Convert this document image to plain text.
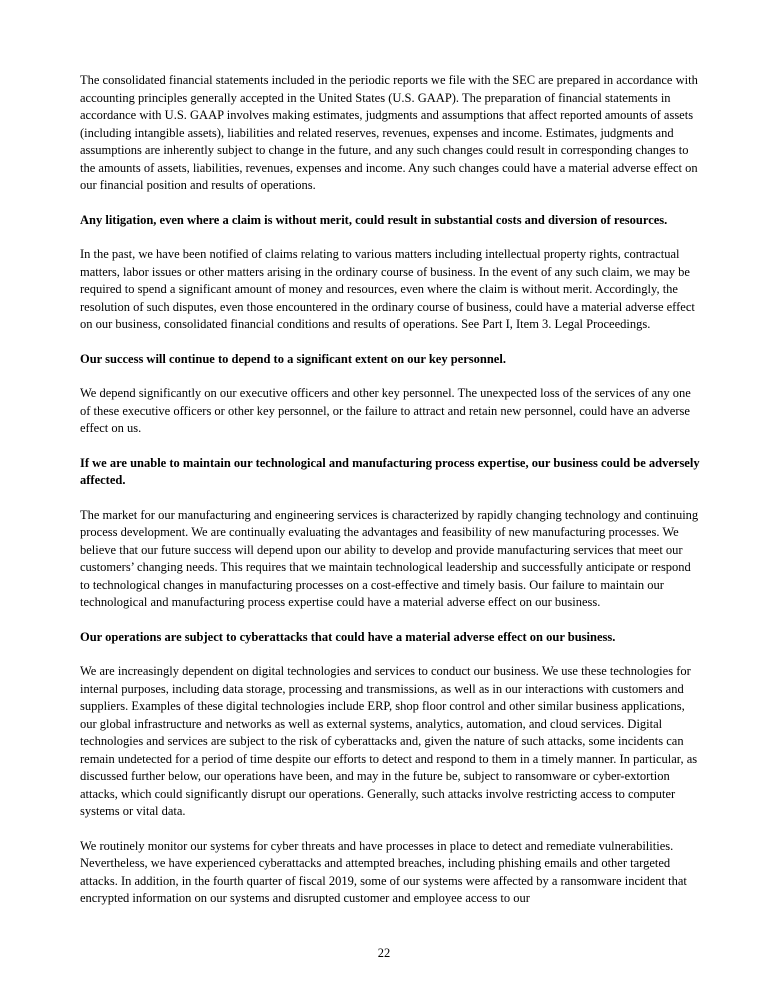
The consolidated financial statements included in the periodic reports we file with the SEC are prepared in accordance with accounting principles generally accepted in the United States (U.S. GAAP). The preparation of financial statements in accordance with U.S. GAAP involves making estimates, judgments and assumptions that affect reported amounts of assets (including intangible assets), liabilities and related reserves, revenues, expenses and income. Estimates, judgments and assumptions are inherently subject to change in the future, and any such changes could result in corresponding changes to the amounts of assets, liabilities, revenues, expenses and income. Any such changes could have a material adverse effect on our financial position and results of operations.

Any litigation, even where a claim is without merit, could result in substantial costs and diversion of resources.

In the past, we have been notified of claims relating to various matters including intellectual property rights, contractual matters, labor issues or other matters arising in the ordinary course of business. In the event of any such claim, we may be required to spend a significant amount of money and resources, even where the claim is without merit. Accordingly, the resolution of such disputes, even those encountered in the ordinary course of business, could have a material adverse effect on our business, consolidated financial conditions and results of operations. See Part I, Item 3. Legal Proceedings.

Our success will continue to depend to a significant extent on our key personnel.

We depend significantly on our executive officers and other key personnel. The unexpected loss of the services of any one of these executive officers or other key personnel, or the failure to attract and retain new personnel, could have an adverse effect on us.

If we are unable to maintain our technological and manufacturing process expertise, our business could be adversely affected.

The market for our manufacturing and engineering services is characterized by rapidly changing technology and continuing process development. We are continually evaluating the advantages and feasibility of new manufacturing processes. We believe that our future success will depend upon our ability to develop and provide manufacturing services that meet our customers’ changing needs. This requires that we maintain technological leadership and successfully anticipate or respond to technological changes in manufacturing processes on a cost-effective and timely basis. Our failure to maintain our technological and manufacturing process expertise could have a material adverse effect on our business.

Our operations are subject to cyberattacks that could have a material adverse effect on our business.

We are increasingly dependent on digital technologies and services to conduct our business. We use these technologies for internal purposes, including data storage, processing and transmissions, as well as in our interactions with customers and suppliers. Examples of these digital technologies include ERP, shop floor control and other similar business applications, our global infrastructure and networks as well as external systems, analytics, automation, and cloud services. Digital technologies and services are subject to the risk of cyberattacks and, given the nature of such attacks, some incidents can remain undetected for a period of time despite our efforts to detect and respond to them in a timely manner. In particular, as discussed further below, our operations have been, and may in the future be, subject to ransomware or cyber-extortion attacks, which could significantly disrupt our operations. Generally, such attacks involve restricting access to computer systems or vital data.

We routinely monitor our systems for cyber threats and have processes in place to detect and remediate vulnerabilities. Nevertheless, we have experienced cyberattacks and attempted breaches, including phishing emails and other targeted attacks. In addition, in the fourth quarter of fiscal 2019, some of our systems were affected by a ransomware incident that encrypted information on our systems and disrupted customer and employee access to our

22
